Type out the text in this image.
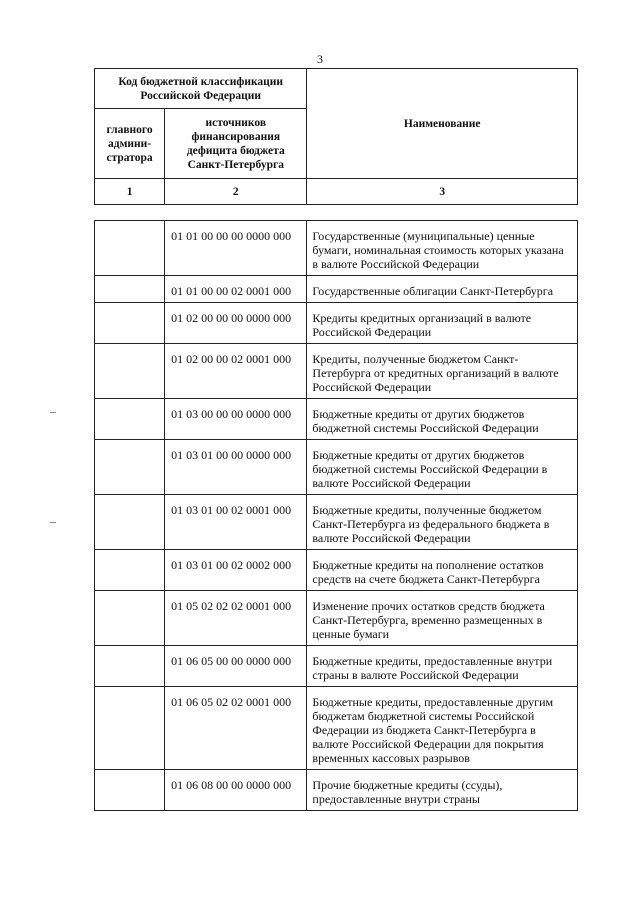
3
Код бюджетной классификации Российской Федерации		Наименование
главного админи-стратора	источников финансирования дефицита бюджета Санкт-Петербурга	
1	2	3
	01 01 00 00 00 0000 000	Государственные (муниципальные) ценные бумаги, номинальная стоимость которых указана в валюте Российской Федерации
	01 01 00 00 02 0001 000	Государственные облигации Санкт-Петербурга
	01 02 00 00 00 0000 000	Кредиты кредитных организаций в валюте Российской Федерации
	01 02 00 00 02 0001 000	Кредиты, полученные бюджетом Санкт-Петербурга от кредитных организаций в валюте Российской Федерации
	01 03 00 00 00 0000 000	Бюджетные кредиты от других бюджетов бюджетной системы Российской Федерации
	01 03 01 00 00 0000 000	Бюджетные кредиты от других бюджетов бюджетной системы Российской Федерации в валюте Российской Федерации
	01 03 01 00 02 0001 000	Бюджетные кредиты, полученные бюджетом Санкт-Петербурга из федерального бюджета в валюте Российской Федерации
	01 03 01 00 02 0002 000	Бюджетные кредиты на пополнение остатков средств на счете бюджета Санкт-Петербурга
	01 05 02 02 02 0001 000	Изменение прочих остатков средств бюджета Санкт-Петербурга, временно размещенных в ценные бумаги
	01 06 05 00 00 0000 000	Бюджетные кредиты, предоставленные внутри страны в валюте Российской Федерации
	01 06 05 02 02 0001 000	Бюджетные кредиты, предоставленные другим бюджетам бюджетной системы Российской Федерации из бюджета Санкт-Петербурга в валюте Российской Федерации для покрытия временных кассовых разрывов
	01 06 08 00 00 0000 000	Прочие бюджетные кредиты (ссуды), предоставленные внутри страны
